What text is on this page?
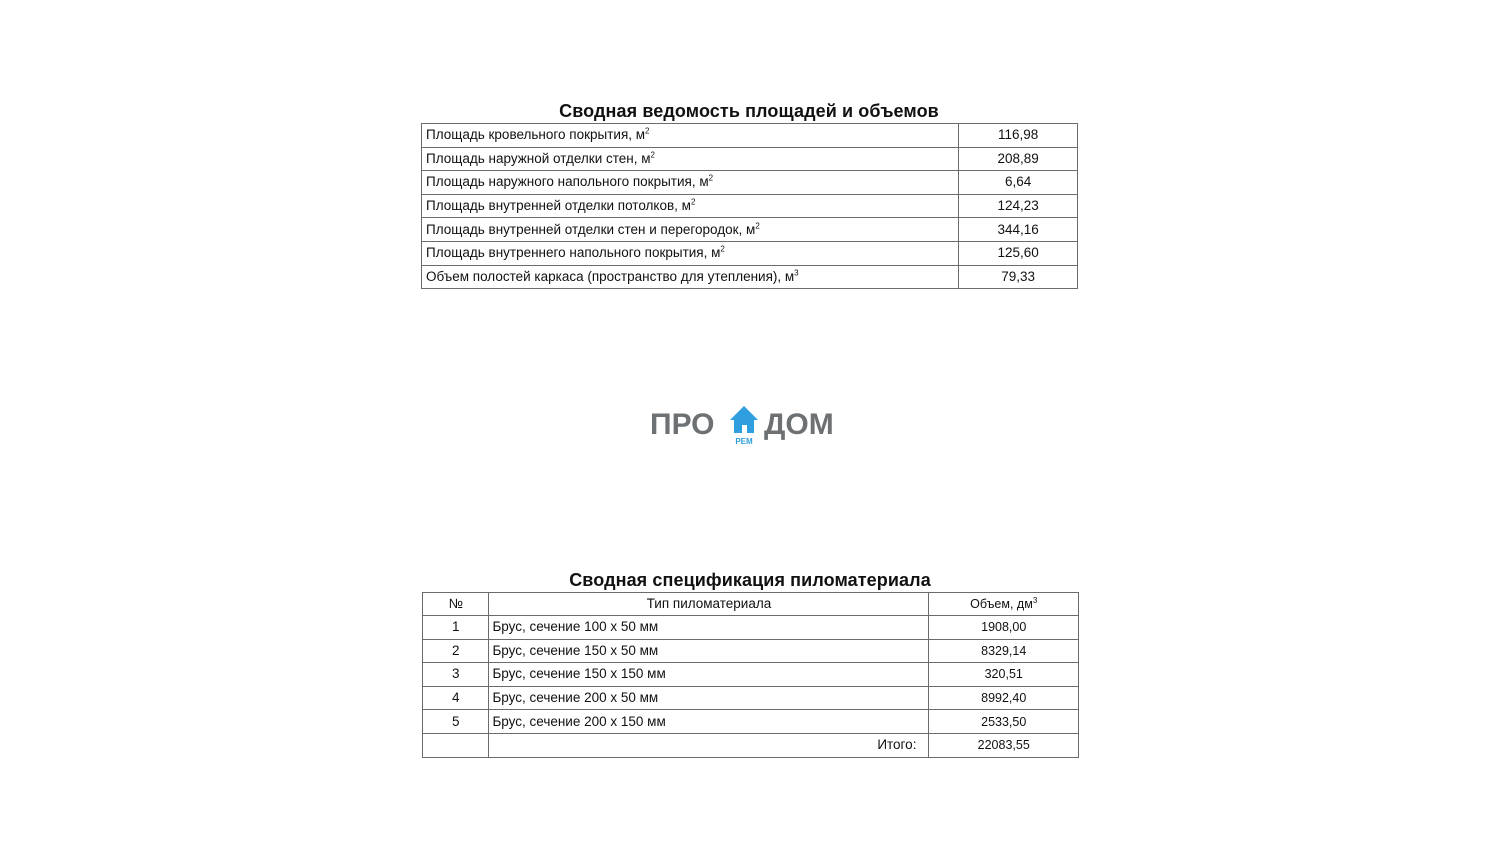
Сводная ведомость площадей и объемов
Площадь кровельного покрытия, $м^2$	116,98
Площадь наружной отделки стен, $м^2$	208,89
Площадь наружного напольного покрытия, $м^2$	6,64
Площадь внутренней отделки потолков, $м^2$	124,23
Площадь внутренней отделки стен и перегородок, $м^2$	344,16
Площадь внутреннего напольного покрытия, $м^2$	125,60
Объем полостей каркаса (пространство для утепления), $м^3$	79,33
ПРО
РЕМ
ДОМ
Сводная спецификация пиломатериала
№	Тип пиломатериала	Объем, $дм^3$
1	Брус, сечение 100 х 50 мм	1908,00
2	Брус, сечение 150 х 50 мм	8329,14
3	Брус, сечение 150 х 150 мм	320,51
4	Брус, сечение 200 х 50 мм	8992,40
5	Брус, сечение 200 х 150 мм	2533,50
	Итого:	22083,55
